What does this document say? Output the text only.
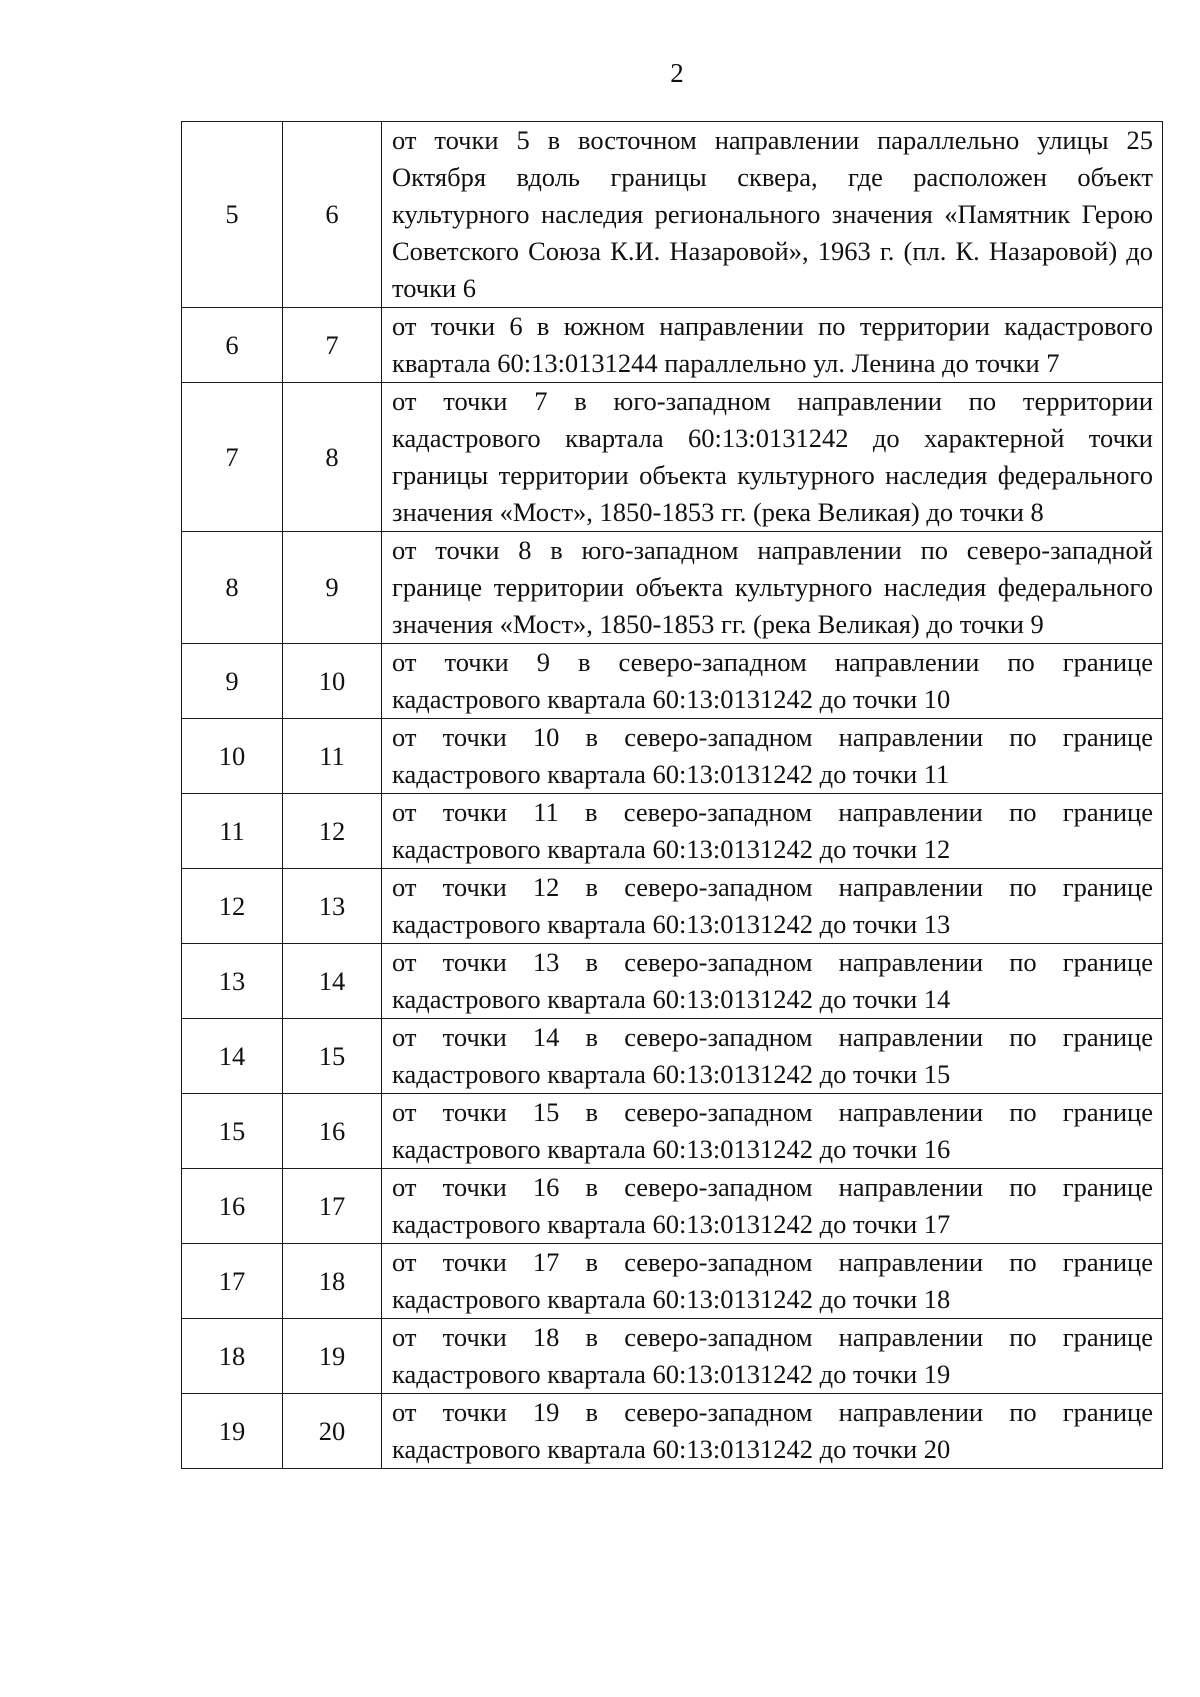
2
5	6	от точки 5 в восточном направлении параллельно улицы 25 Октября вдоль границы сквера, где расположен объект культурного наследия регионального значения «Памятник Герою Советского Союза К.И. Назаровой», 1963 г. (пл. К. Назаровой) до точки 6
6	7	от точки 6 в южном направлении по территории кадастрового квартала 60:13:0131244 параллельно ул. Ленина до точки 7
7	8	от точки 7 в юго-западном направлении по территории кадастрового квартала 60:13:0131242 до характерной точки границы территории объекта культурного наследия федерального значения «Мост», 1850-1853 гг. (река Великая) до точки 8
8	9	от точки 8 в юго-западном направлении по северо-западной границе территории объекта культурного наследия федерального значения «Мост», 1850-1853 гг. (река Великая) до точки 9
9	10	от точки 9 в северо-западном направлении по границе кадастрового квартала 60:13:0131242 до точки 10
10	11	от точки 10 в северо-западном направлении по границе кадастрового квартала 60:13:0131242 до точки 11
11	12	от точки 11 в северо-западном направлении по границе кадастрового квартала 60:13:0131242 до точки 12
12	13	от точки 12 в северо-западном направлении по границе кадастрового квартала 60:13:0131242 до точки 13
13	14	от точки 13 в северо-западном направлении по границе кадастрового квартала 60:13:0131242 до точки 14
14	15	от точки 14 в северо-западном направлении по границе кадастрового квартала 60:13:0131242 до точки 15
15	16	от точки 15 в северо-западном направлении по границе кадастрового квартала 60:13:0131242 до точки 16
16	17	от точки 16 в северо-западном направлении по границе кадастрового квартала 60:13:0131242 до точки 17
17	18	от точки 17 в северо-западном направлении по границе кадастрового квартала 60:13:0131242 до точки 18
18	19	от точки 18 в северо-западном направлении по границе кадастрового квартала 60:13:0131242 до точки 19
19	20	от точки 19 в северо-западном направлении по границе кадастрового квартала 60:13:0131242 до точки 20
